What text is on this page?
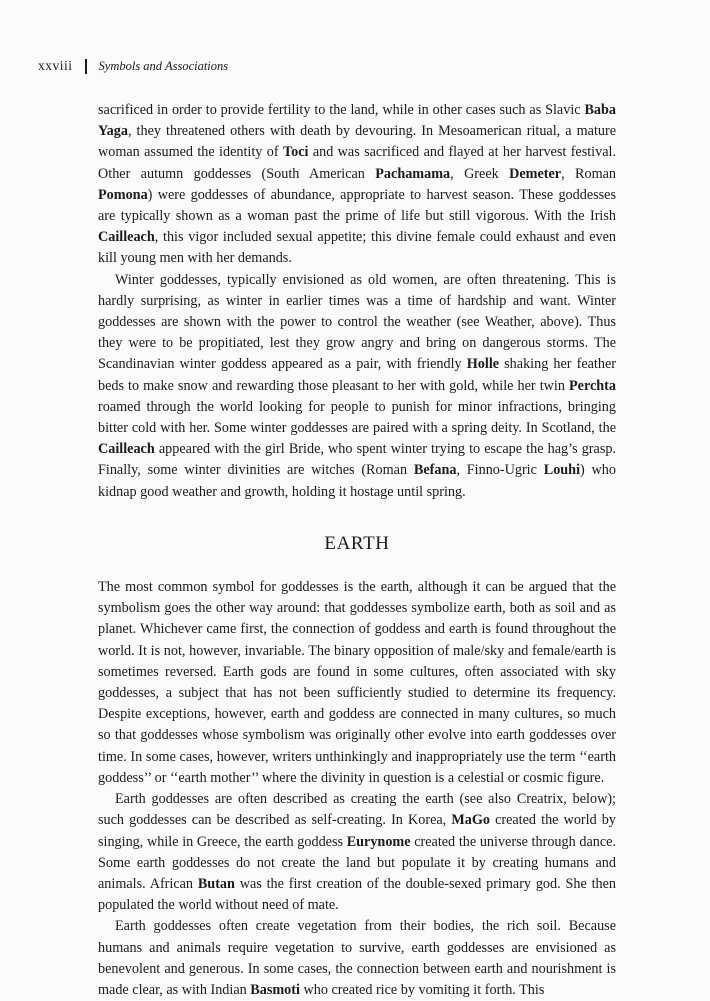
xxviii Symbols and Associations

sacrificed in order to provide fertility to the land, while in other cases such as Slavic Baba Yaga, they threatened others with death by devouring. In Mesoamerican ritual, a mature woman assumed the identity of Toci and was sacrificed and flayed at her harvest festival. Other autumn goddesses (South American Pachamama, Greek Demeter, Roman Pomona) were goddesses of abundance, appropriate to harvest season. These goddesses are typically shown as a woman past the prime of life but still vigorous. With the Irish Cailleach, this vigor included sexual appetite; this divine female could exhaust and even kill young men with her demands.

Winter goddesses, typically envisioned as old women, are often threatening. This is hardly surprising, as winter in earlier times was a time of hardship and want. Winter goddesses are shown with the power to control the weather (see Weather, above). Thus they were to be propitiated, lest they grow angry and bring on dangerous storms. The Scandinavian winter goddess appeared as a pair, with friendly Holle shaking her feather beds to make snow and rewarding those pleasant to her with gold, while her twin Perchta roamed through the world looking for people to punish for minor infractions, bringing bitter cold with her. Some winter goddesses are paired with a spring deity. In Scotland, the Cailleach appeared with the girl Bride, who spent winter trying to escape the hag’s grasp. Finally, some winter divinities are witches (Roman Befana, Finno-Ugric Louhi) who kidnap good weather and growth, holding it hostage until spring.

EARTH

The most common symbol for goddesses is the earth, although it can be argued that the symbolism goes the other way around: that goddesses symbolize earth, both as soil and as planet. Whichever came first, the connection of goddess and earth is found throughout the world. It is not, however, invariable. The binary opposition of male/sky and female/earth is sometimes reversed. Earth gods are found in some cultures, often associated with sky goddesses, a subject that has not been sufficiently studied to determine its frequency. Despite exceptions, however, earth and goddess are connected in many cultures, so much so that goddesses whose symbolism was originally other evolve into earth goddesses over time. In some cases, however, writers unthinkingly and inappropriately use the term ‘‘earth goddess’’ or ‘‘earth mother’’ where the divinity in question is a celestial or cosmic figure.

Earth goddesses are often described as creating the earth (see also Creatrix, below); such goddesses can be described as self-creating. In Korea, MaGo created the world by singing, while in Greece, the earth goddess Eurynome created the universe through dance. Some earth goddesses do not create the land but populate it by creating humans and animals. African Butan was the first creation of the double-sexed primary god. She then populated the world without need of mate.

Earth goddesses often create vegetation from their bodies, the rich soil. Because humans and animals require vegetation to survive, earth goddesses are envisioned as benevolent and generous. In some cases, the connection between earth and nourishment is made clear, as with Indian Basmoti who created rice by vomiting it forth. This
